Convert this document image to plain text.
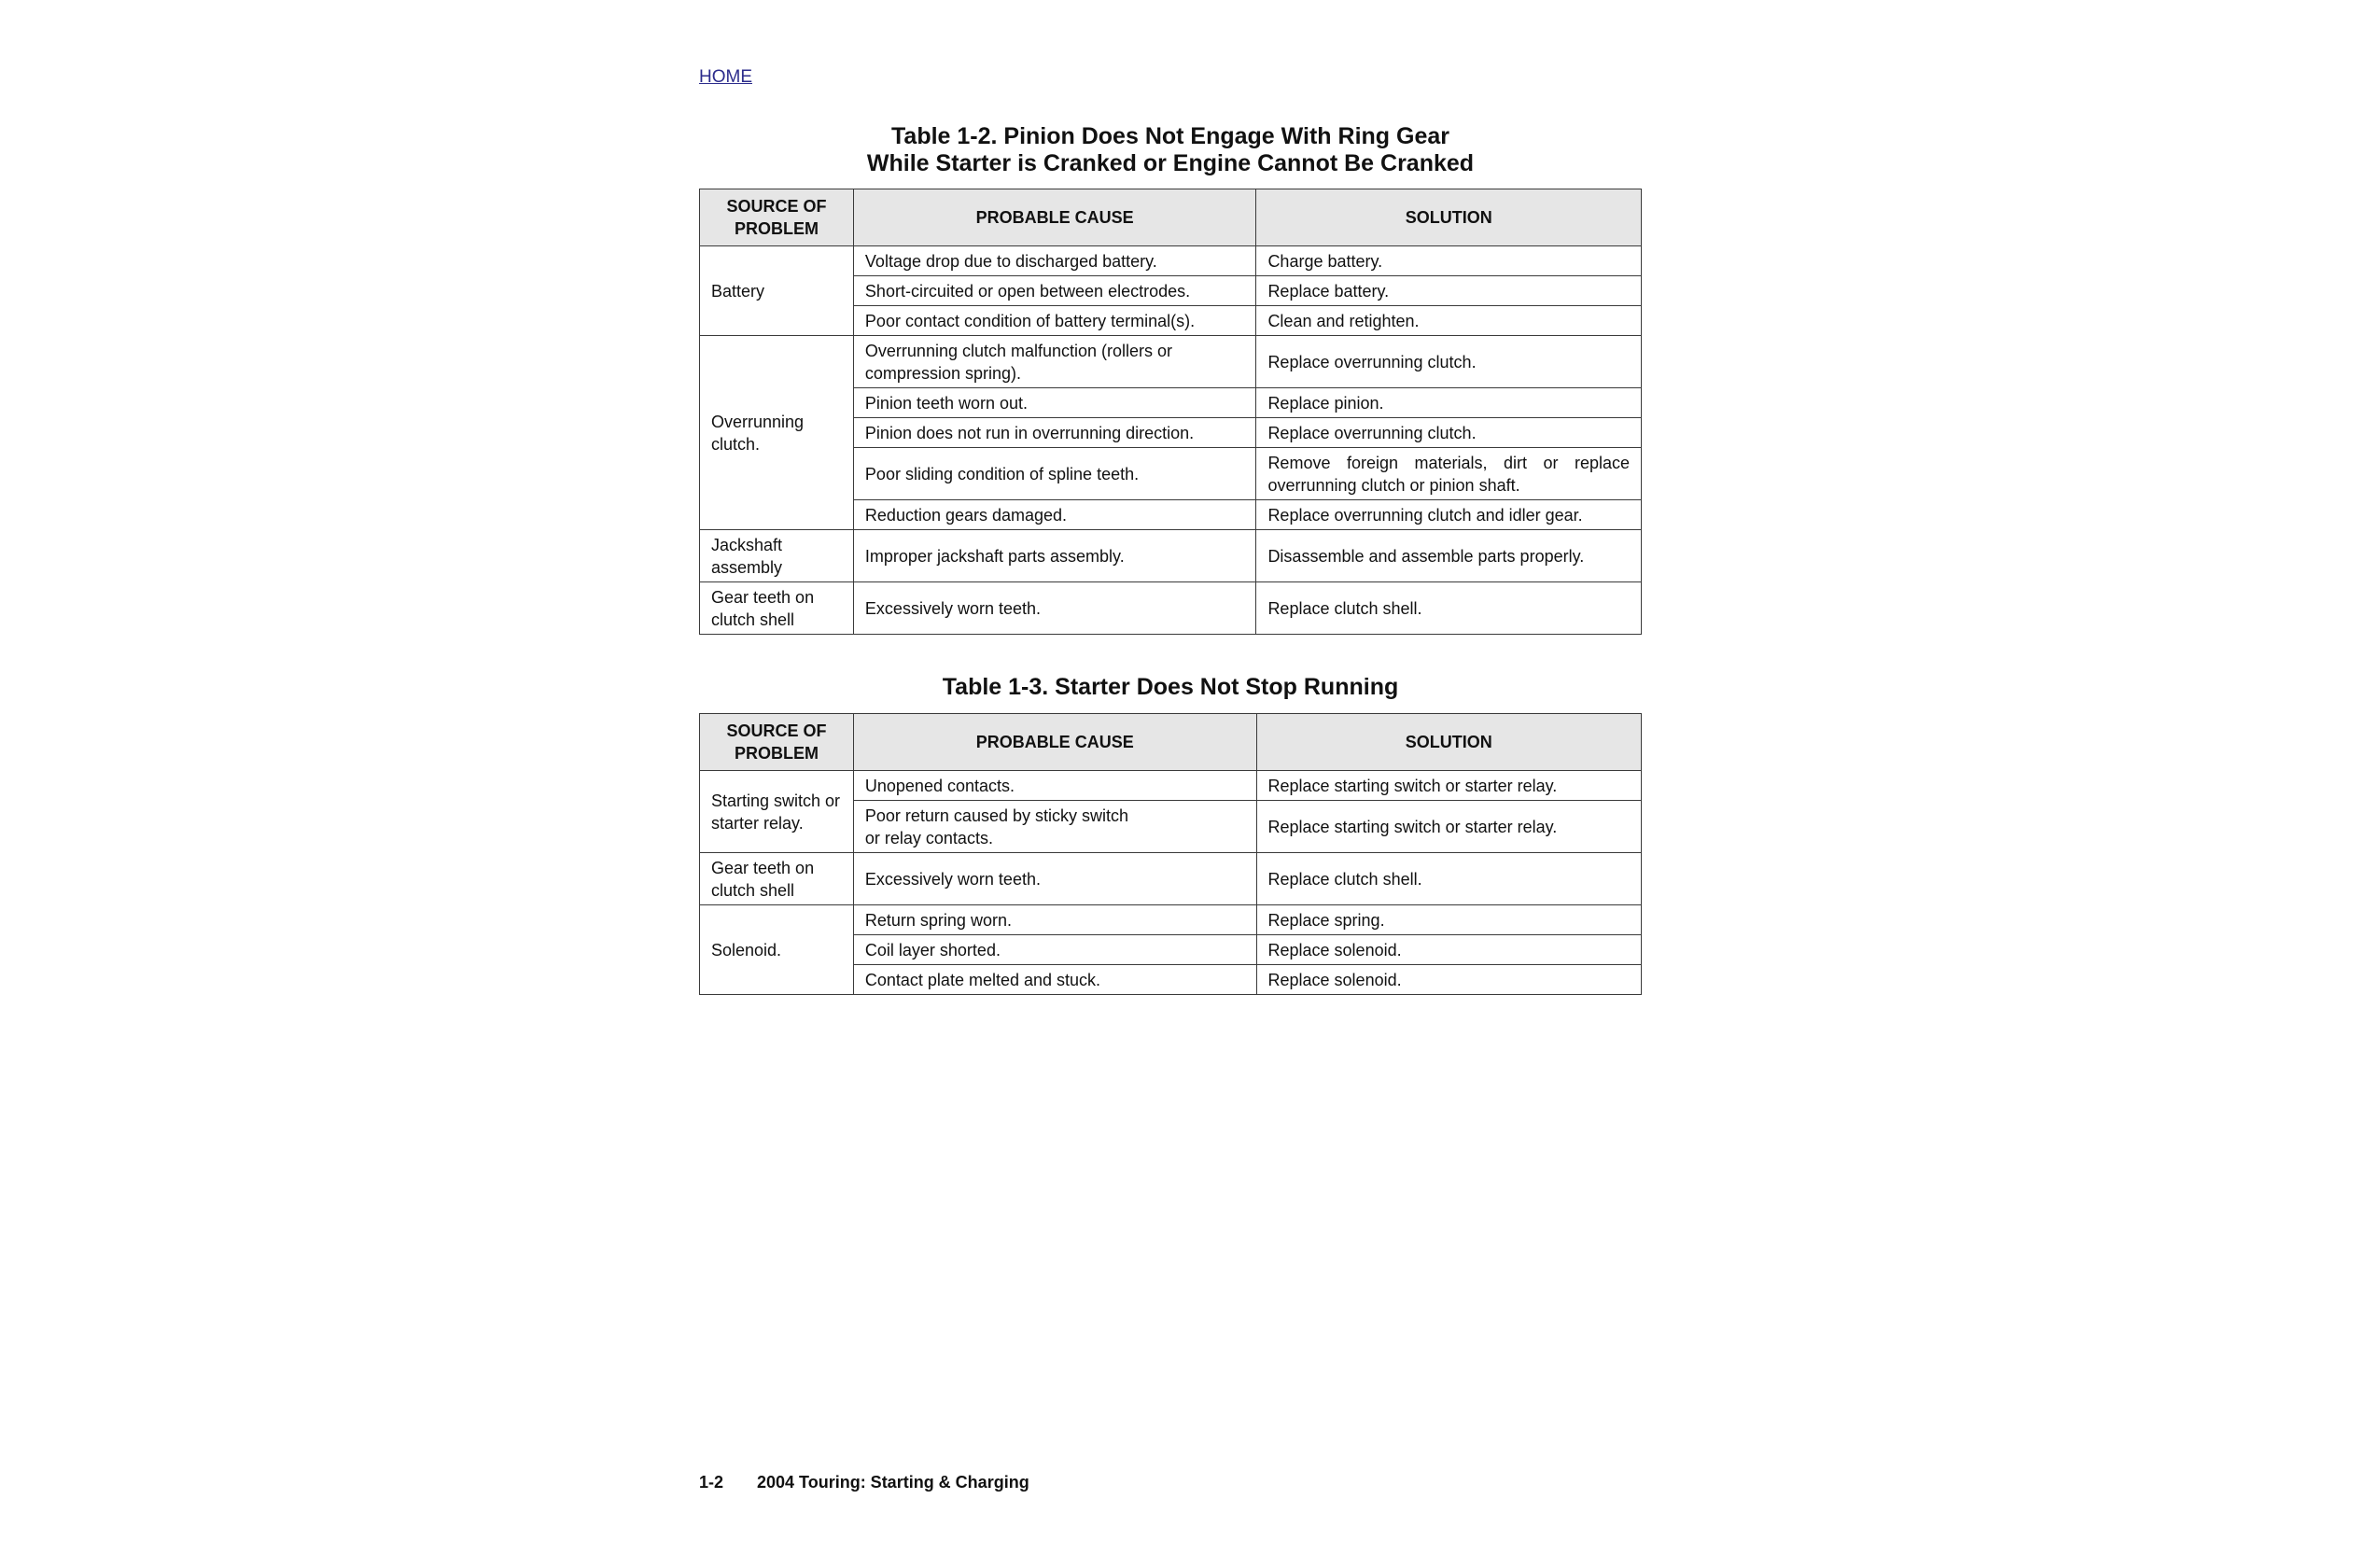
HOME
Table 1-2. Pinion Does Not Engage With Ring Gear
While Starter is Cranked or Engine Cannot Be Cranked
SOURCE OF PROBLEM	PROBABLE CAUSE	SOLUTION
Battery	Voltage drop due to discharged battery.	Charge battery.
	Short-circuited or open between electrodes.	Replace battery.
	Poor contact condition of battery terminal(s).	Clean and retighten.
Overrunning clutch.	Overrunning clutch malfunction (rollers or compression spring).	Replace overrunning clutch.
	Pinion teeth worn out.	Replace pinion.
	Pinion does not run in overrunning direction.	Replace overrunning clutch.
	Poor sliding condition of spline teeth.	Remove foreign materials, dirt or replace overrunning clutch or pinion shaft.
	Reduction gears damaged.	Replace overrunning clutch and idler gear.
Jackshaft assembly	Improper jackshaft parts assembly.	Disassemble and assemble parts properly.
Gear teeth on clutch shell	Excessively worn teeth.	Replace clutch shell.
Table 1-3. Starter Does Not Stop Running
SOURCE OF PROBLEM	PROBABLE CAUSE	SOLUTION
Starting switch or starter relay.	Unopened contacts.	Replace starting switch or starter relay.
	Poor return caused by sticky switch or relay contacts.	Replace starting switch or starter relay.
Gear teeth on clutch shell	Excessively worn teeth.	Replace clutch shell.
Solenoid.	Return spring worn.	Replace spring.
	Coil layer shorted.	Replace solenoid.
	Contact plate melted and stuck.	Replace solenoid.
1-2 2004 Touring: Starting & Charging
